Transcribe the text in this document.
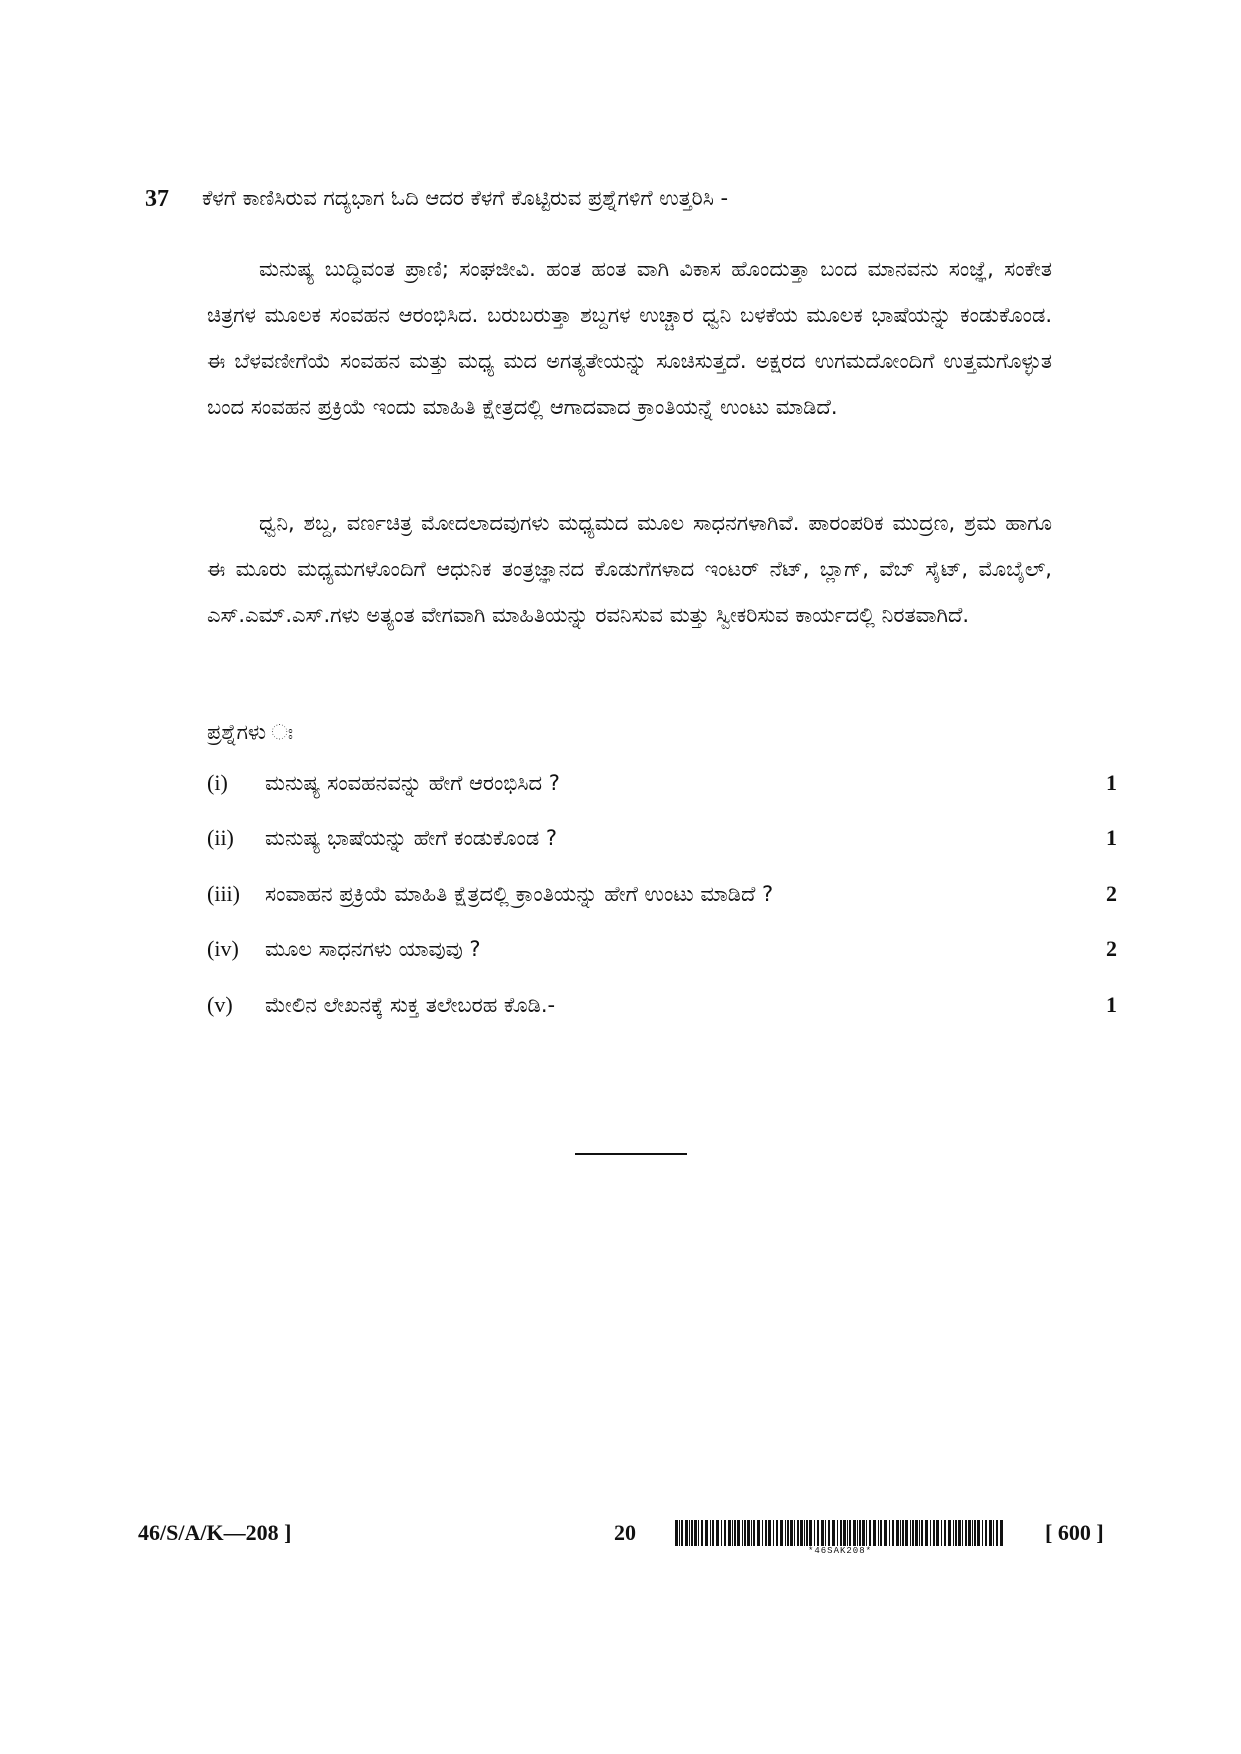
37	ಕೆಳಗೆ ಕಾಣಿಸಿರುವ ಗದ್ಯಭಾಗ ಓದಿ ಆದರ ಕೆಳಗೆ ಕೊಟ್ಟಿರುವ ಪ್ರಶ್ನೆಗಳಿಗೆ ಉತ್ತರಿಸಿ -

ಮನುಷ್ಯ ಬುದ್ಧಿವಂತ ಪ್ರಾಣಿ; ಸಂಘಜೀವಿ. ಹಂತ ಹಂತ ವಾಗಿ ವಿಕಾಸ ಹೊಂದುತ್ತಾ ಬಂದ ಮಾನವನು ಸಂಜ್ಞೆ, ಸಂಕೇತ ಚಿತ್ರಗಳ ಮೂಲಕ ಸಂವಹನ ಆರಂಭಿಸಿದ. ಬರುಬರುತ್ತಾ ಶಬ್ದಗಳ ಉಚ್ಚಾರ ಧ್ವನಿ ಬಳಕೆಯ ಮೂಲಕ ಭಾಷೆಯನ್ನು ಕಂಡುಕೊಂಡ. ಈ ಬೆಳವಣೀಗೆಯೆ ಸಂವಹನ ಮತ್ತು ಮಧ್ಯ ಮದ ಅಗತ್ಯತೇಯನ್ನು ಸೂಚಿಸುತ್ತದೆ. ಅಕ್ಷರದ ಉಗಮದೋಂದಿಗೆ ಉತ್ತಮಗೊಳ್ಳುತ ಬಂದ ಸಂವಹನ ಪ್ರಕ್ರಿಯೆ ಇಂದು ಮಾಹಿತಿ ಕ್ಷೇತ್ರದಲ್ಲಿ ಆಗಾದವಾದ ಕ್ರಾಂತಿಯನ್ನೆ ಉಂಟು ಮಾಡಿದೆ.

ಧ್ವನಿ, ಶಬ್ದ, ವರ್ಣಚಿತ್ರ ಮೋದಲಾದವುಗಳು ಮಧ್ಯಮದ ಮೂಲ ಸಾಧನಗಳಾಗಿವೆ. ಪಾರಂಪರಿಕ ಮುದ್ರಣ, ಶ್ರಮ ಹಾಗೂ ಈ ಮೂರು ಮಧ್ಯಮಗಳೊಂದಿಗೆ ಆಧುನಿಕ ತಂತ್ರಜ್ಞಾನದ ಕೊಡುಗೆಗಳಾದ ಇಂಟರ್ ನೆಟ್, ಬ್ಲಾಗ್, ವೆಬ್ ಸೈಟ್, ಮೊಬೈಲ್, ಎಸ್.ಎಮ್.ಎಸ್.ಗಳು ಅತ್ಯಂತ ವೇಗವಾಗಿ ಮಾಹಿತಿಯನ್ನು ರವನಿಸುವ ಮತ್ತು ಸ್ವೀಕರಿಸುವ ಕಾರ್ಯದಲ್ಲಿ ನಿರತವಾಗಿದೆ.

ಪ್ರಶ್ನೆಗಳು ಃ
(i)	ಮನುಷ್ಯ ಸಂವಹನವನ್ನು ಹೇಗೆ ಆರಂಭಿಸಿದ ?	1
(ii)	ಮನುಷ್ಯ ಭಾಷೆಯನ್ನು ಹೇಗೆ ಕಂಡುಕೊಂಡ ?	1
(iii)	ಸಂವಾಹನ ಪ್ರಕ್ರಿಯೆ ಮಾಹಿತಿ ಕ್ಷೆತ್ರದಲ್ಲಿ ಕ್ರಾಂತಿಯನ್ನು ಹೇಗೆ ಉಂಟು ಮಾಡಿದೆ ?	2
(iv)	ಮೂಲ ಸಾಧನಗಳು ಯಾವುವು ?	2
(v)	ಮೇಲಿನ ಲೇಖನಕ್ಕೆ ಸುಕ್ತ ತಲೇಬರಹ ಕೊಡಿ.-	1
46/S/A/K—208 ]	20
*46SAK208*
[ 600 ]
